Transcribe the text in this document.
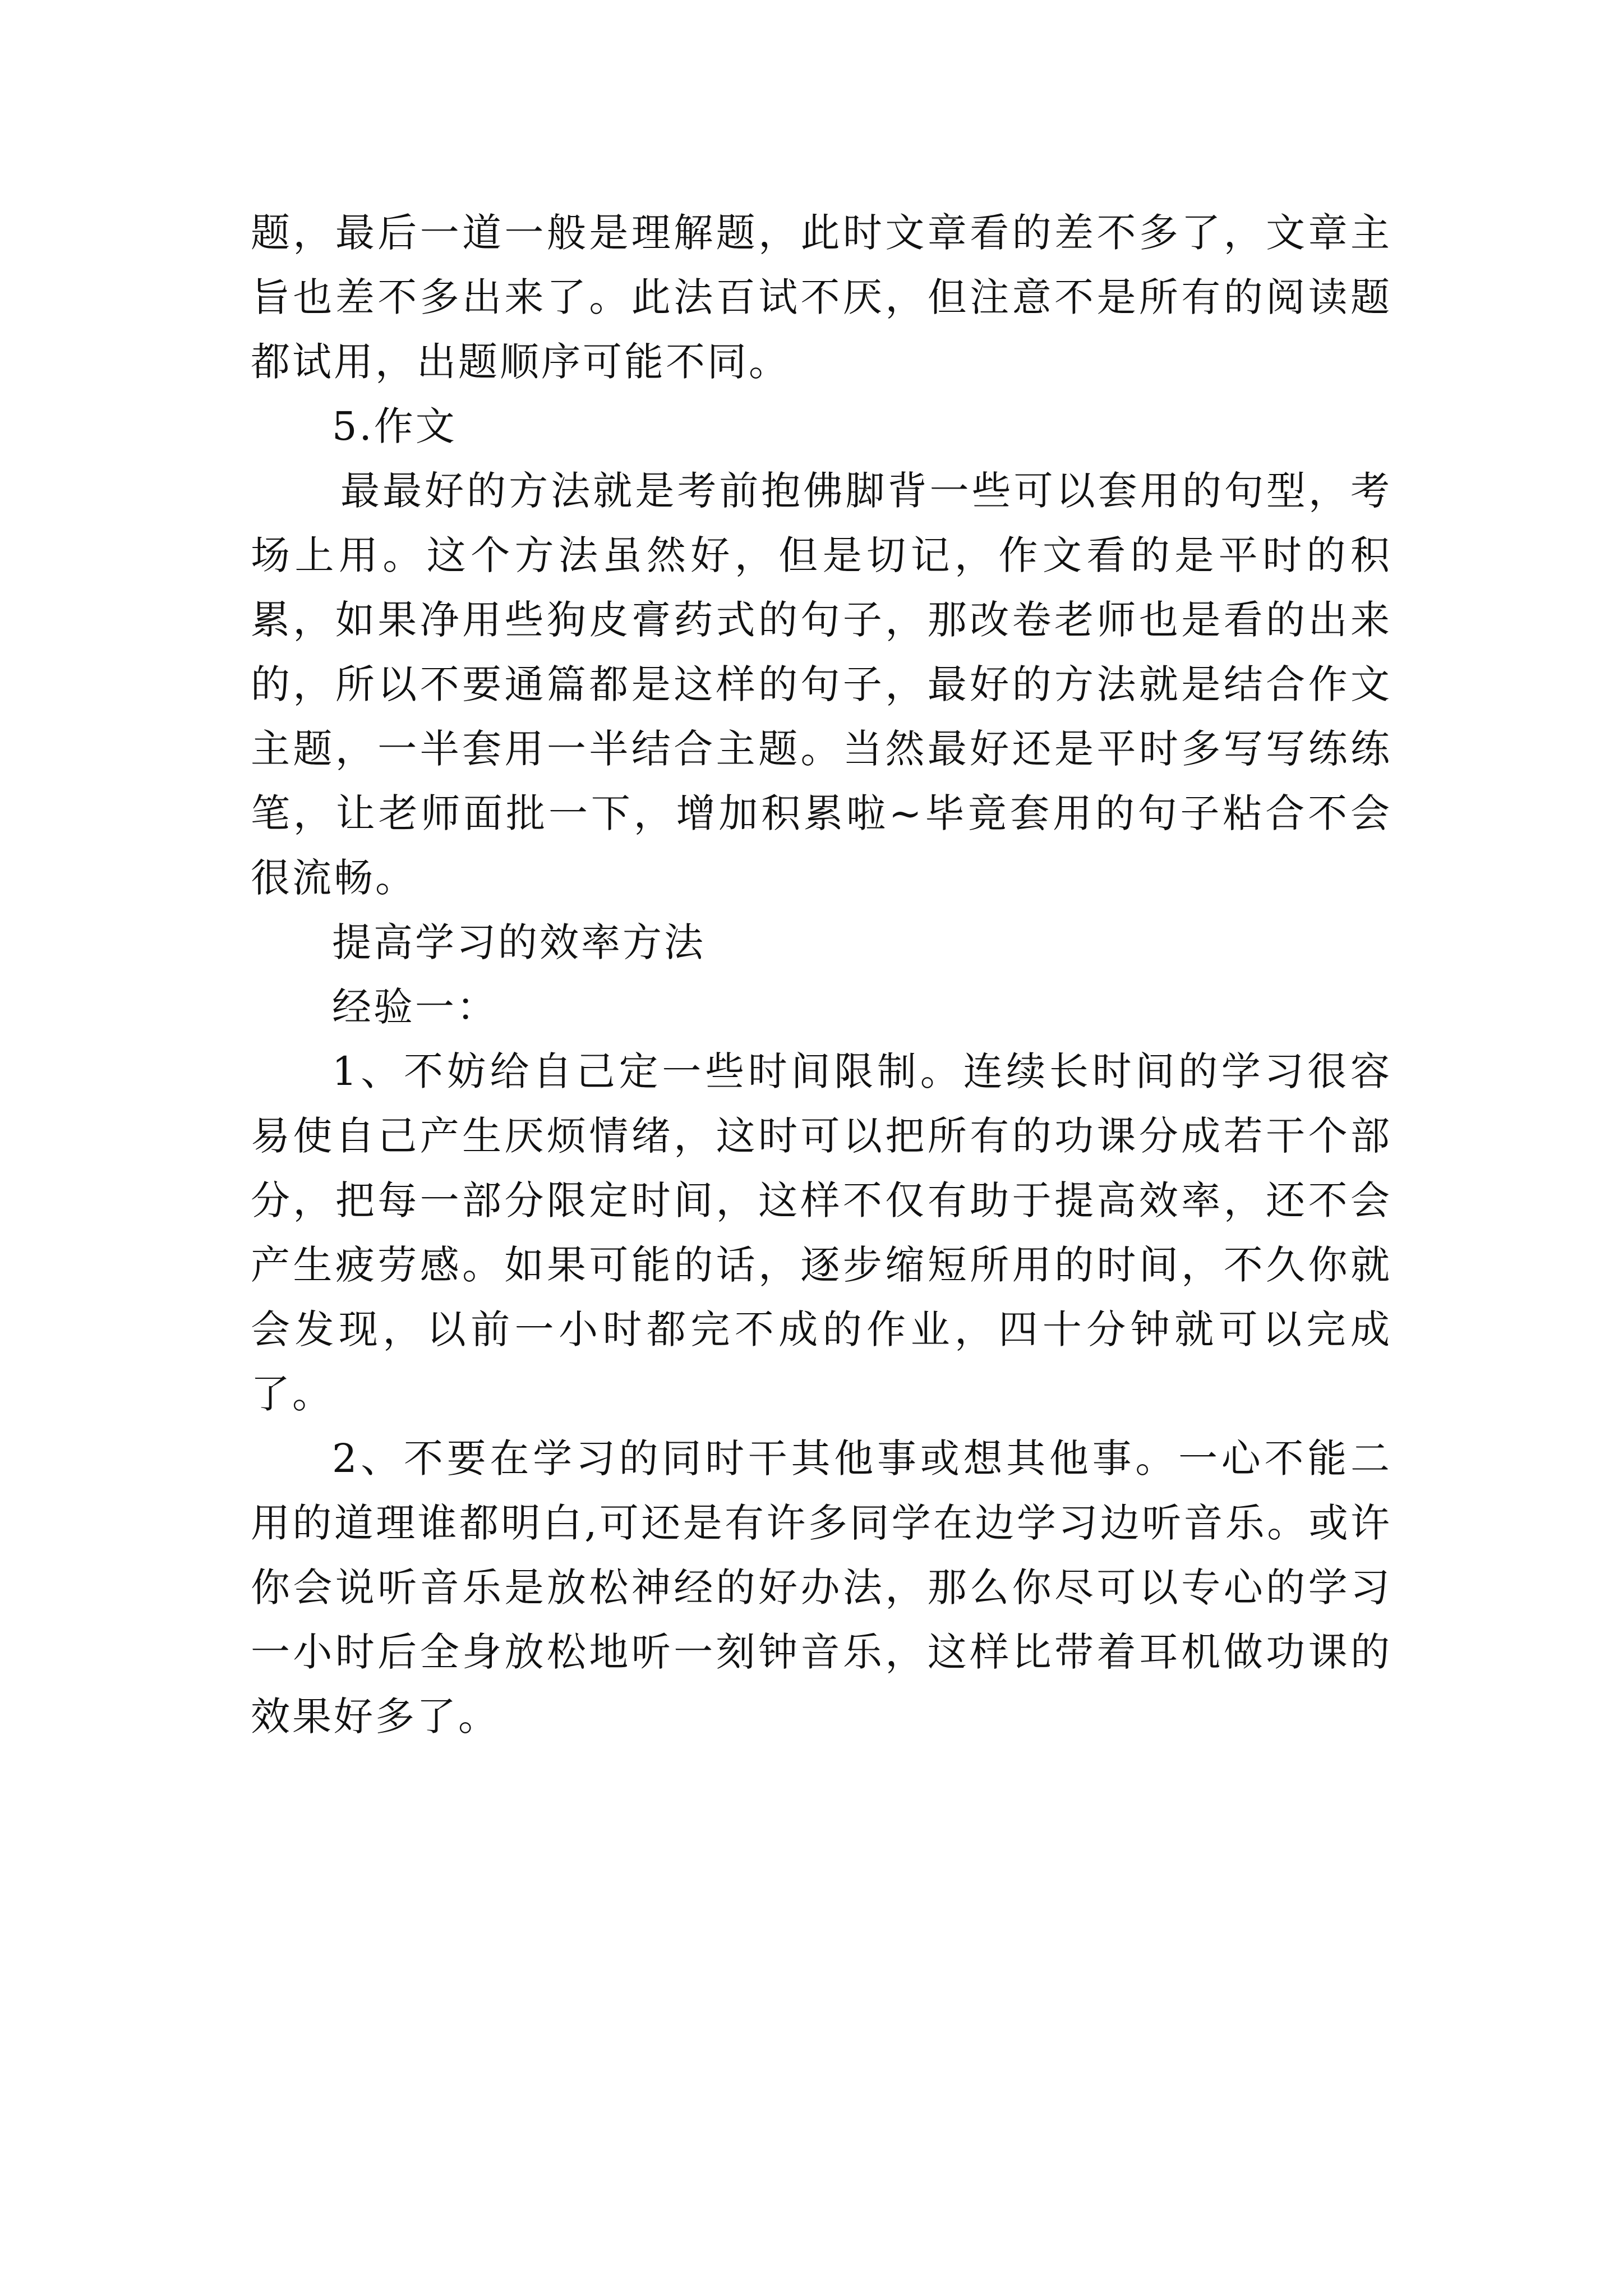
题，最后一道一般是理解题，此时文章看的差不多了，文章主旨也差不多出来了。此法百试不厌，但注意不是所有的阅读题都试用，出题顺序可能不同。

5.作文

最最好的方法就是考前抱佛脚背一些可以套用的句型，考场上用。这个方法虽然好，但是切记，作文看的是平时的积累，如果净用些狗皮膏药式的句子，那改卷老师也是看的出来的，所以不要通篇都是这样的句子，最好的方法就是结合作文主题，一半套用一半结合主题。当然最好还是平时多写写练练笔，让老师面批一下，增加积累啦~毕竟套用的句子粘合不会很流畅。

提高学习的效率方法

经验一：

1、不妨给自己定一些时间限制。连续长时间的学习很容易使自己产生厌烦情绪，这时可以把所有的功课分成若干个部分，把每一部分限定时间，这样不仅有助于提高效率，还不会产生疲劳感。如果可能的话，逐步缩短所用的时间，不久你就会发现，以前一小时都完不成的作业，四十分钟就可以完成了。

2、不要在学习的同时干其他事或想其他事。一心不能二用的道理谁都明白,可还是有许多同学在边学习边听音乐。或许你会说听音乐是放松神经的好办法，那么你尽可以专心的学习一小时后全身放松地听一刻钟音乐，这样比带着耳机做功课的效果好多了。
